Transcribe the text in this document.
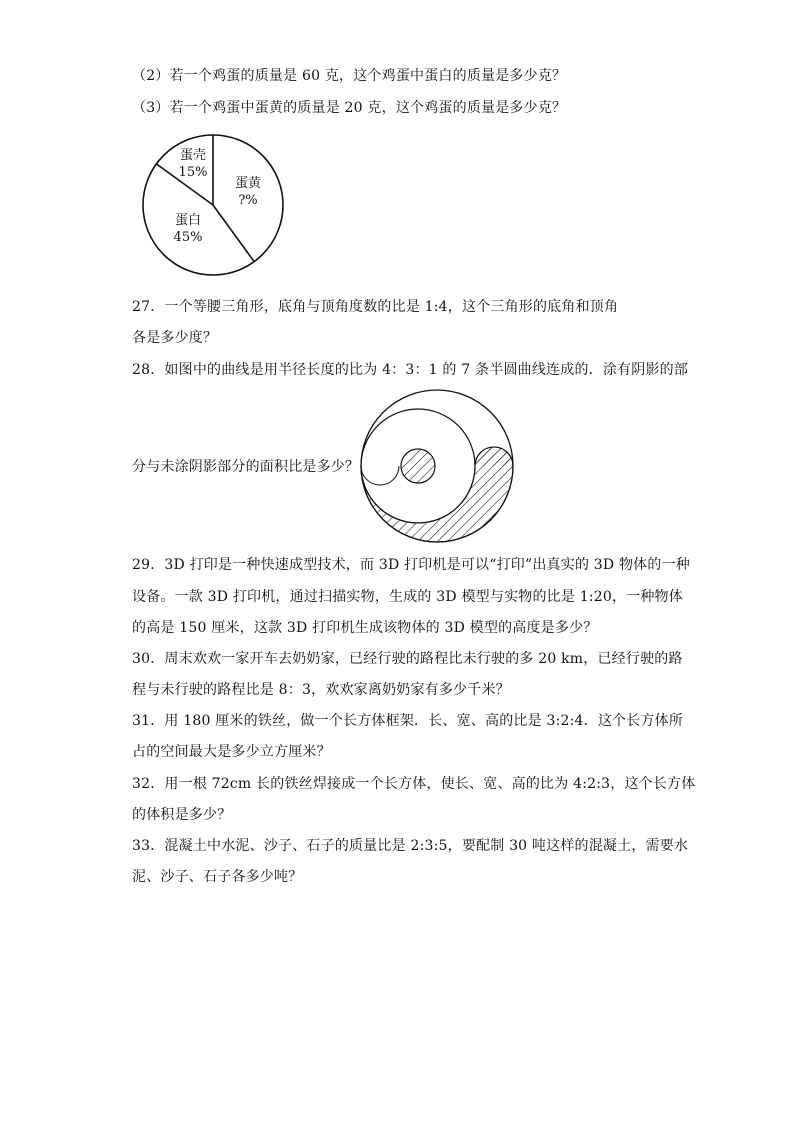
（2）若一个鸡蛋的质量是 60 克，这个鸡蛋中蛋白的质量是多少克？
（3）若一个鸡蛋中蛋黄的质量是 20 克，这个鸡蛋的质量是多少克？
蛋壳
15%
蛋黄
?%
蛋白
45%
27．一个等腰三角形，底角与顶角度数的比是 1:4，这个三角形的底角和顶角
各是多少度？
28．如图中的曲线是用半径长度的比为 4：3：1 的 7 条半圆曲线连成的．涂有阴影的部
分与未涂阴影部分的面积比是多少？
29．3D 打印是一种快速成型技术，而 3D 打印机是可以“打印”出真实的 3D 物体的一种
设备。一款 3D 打印机，通过扫描实物，生成的 3D 模型与实物的比是 1:20，一种物体
的高是 150 厘米，这款 3D 打印机生成该物体的 3D 模型的高度是多少？
30．周末欢欢一家开车去奶奶家，已经行驶的路程比未行驶的多 20 km，已经行驶的路
程与未行驶的路程比是 8：3，欢欢家离奶奶家有多少千米？
31．用 180 厘米的铁丝，做一个长方体框架．长、宽、高的比是 3:2:4．这个长方体所
占的空间最大是多少立方厘米？
32．用一根 72cm 长的铁丝焊接成一个长方体，使长、宽、高的比为 4:2:3，这个长方体
的体积是多少？
33．混凝土中水泥、沙子、石子的质量比是 2:3:5，要配制 30 吨这样的混凝土，需要水
泥、沙子、石子各多少吨？
